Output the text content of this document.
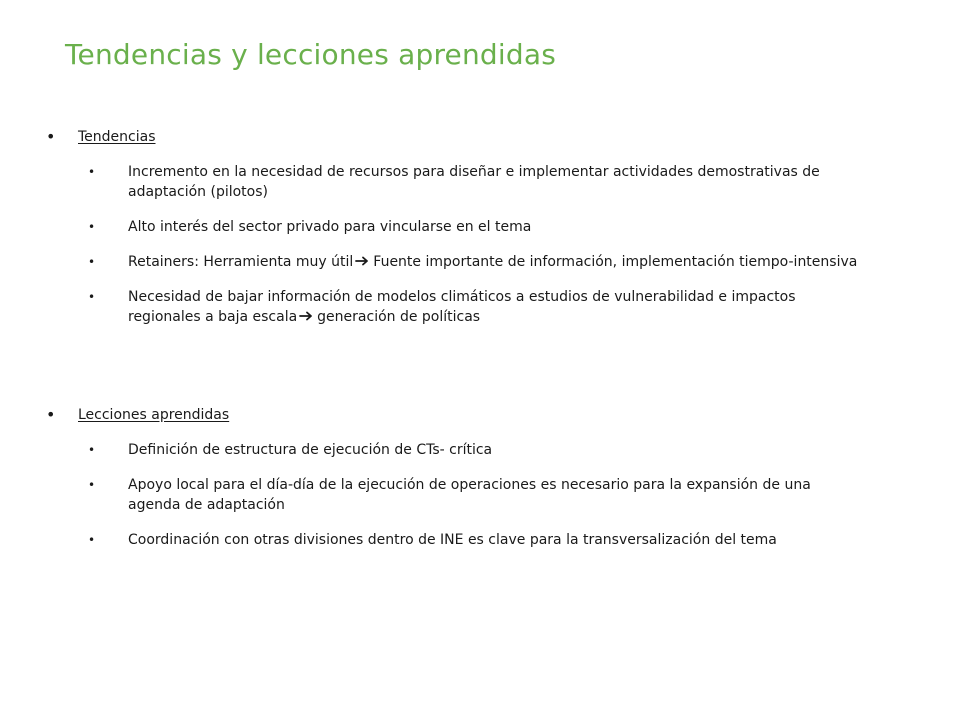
Tendencias y lecciones aprendidas
•	Tendencias
•	Incremento en la necesidad de recursos para diseñar e implementar actividades demostrativas de adaptación (pilotos)
•	Alto interés del sector privado para vincularse en el tema
•	Retainers: Herramienta muy útil Fuente importante de información, implementación tiempo-intensiva
•	Necesidad de bajar información de modelos climáticos a estudios de vulnerabilidad e impactos regionales a baja escala generación de políticas
•	Lecciones aprendidas
•	Definición de estructura de ejecución de CTs- crítica
•	Apoyo local para el día-día de la ejecución de operaciones es necesario para la expansión de una agenda de adaptación
•	Coordinación con otras divisiones dentro de INE es clave para la transversalización del tema
